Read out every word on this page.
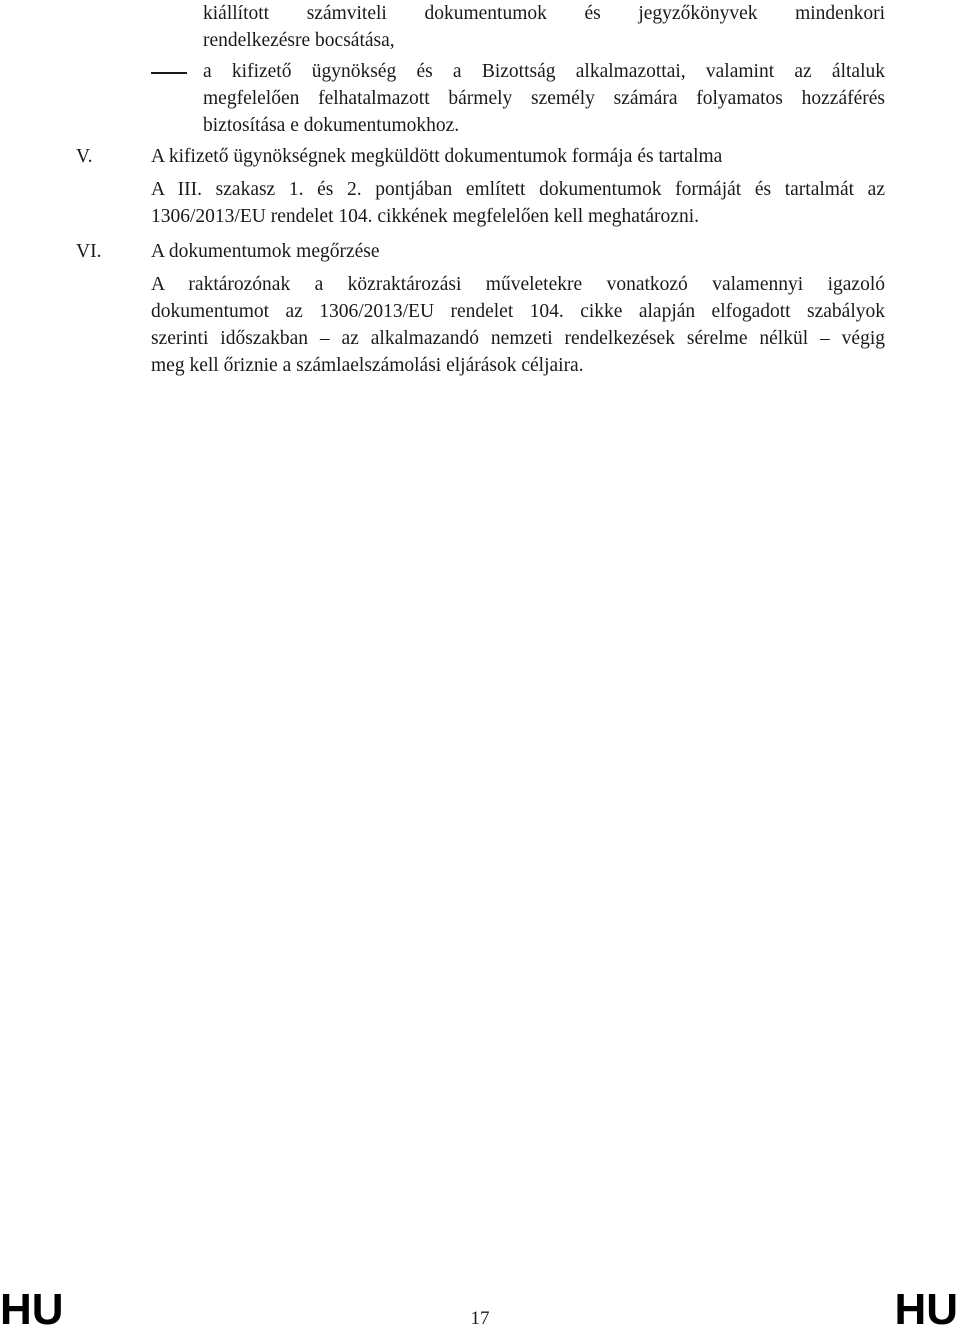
kiállított számviteli dokumentumok és jegyzőkönyvek mindenkori
rendelkezésre bocsátása,
a kifizető ügynökség és a Bizottság alkalmazottai, valamint az általuk
megfelelően felhatalmazott bármely személy számára folyamatos hozzáférés
biztosítása e dokumentumokhoz.
V.	A kifizető ügynökségnek megküldött dokumentumok formája és tartalma
A III. szakasz 1. és 2. pontjában említett dokumentumok formáját és tartalmát az
1306/2013/EU rendelet 104. cikkének megfelelően kell meghatározni.
VI.	A dokumentumok megőrzése
A raktározónak a közraktározási műveletekre vonatkozó valamennyi igazoló
dokumentumot az 1306/2013/EU rendelet 104. cikke alapján elfogadott szabályok
szerinti időszakban – az alkalmazandó nemzeti rendelkezések sérelme nélkül – végig
meg kell őriznie a számlaelszámolási eljárások céljaira.
HU	17	HU
